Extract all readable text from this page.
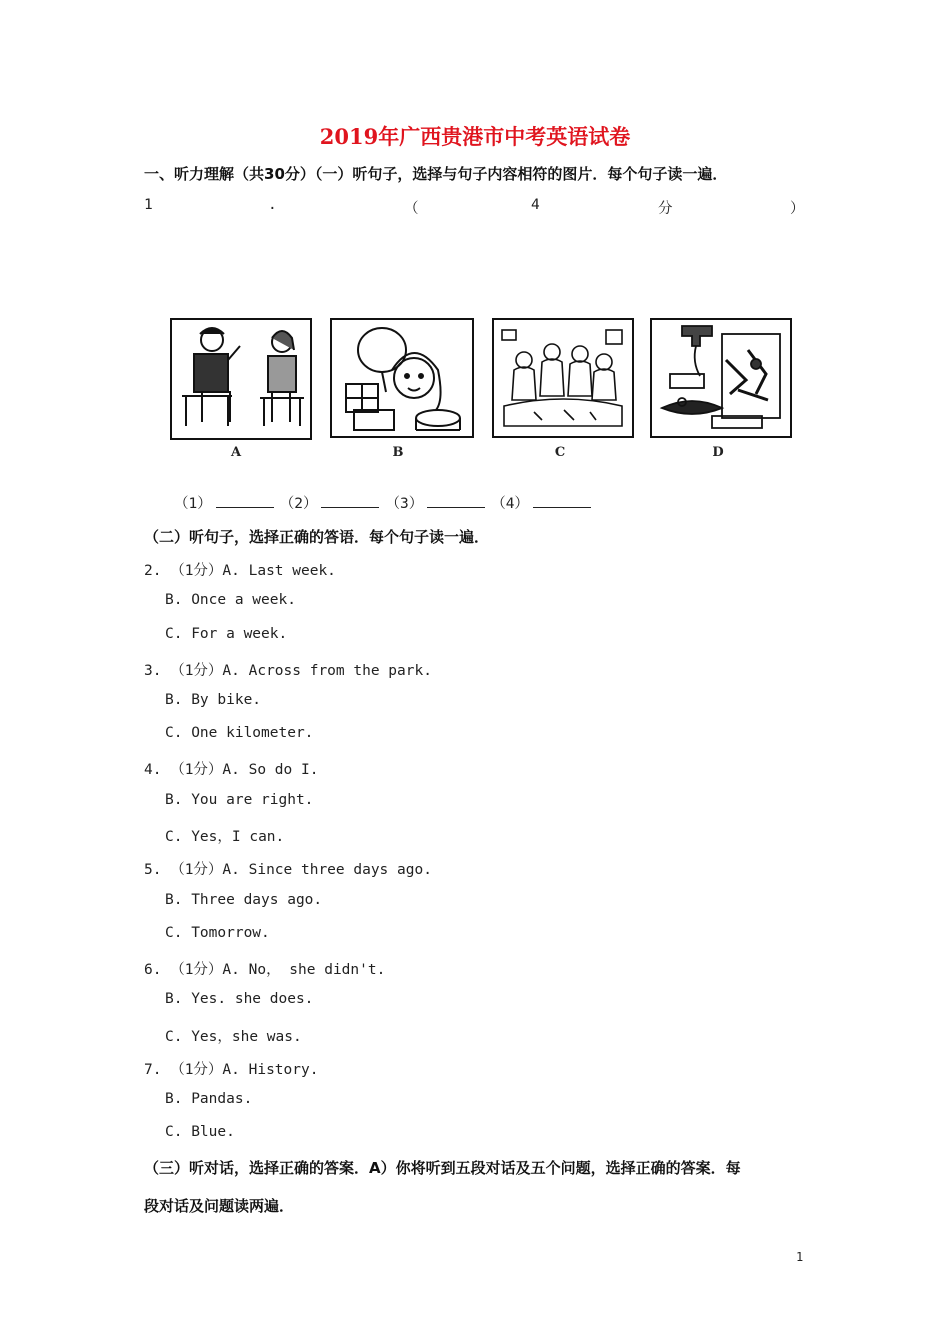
2019年广西贵港市中考英语试卷
一、听力理解（共30分）（一）听句子，选择与句子内容相符的图片．每个句子读一遍．
1	.	（	4	分	）
A	B	C	D
（1）	（2）	（3）	（4）
（二）听句子，选择正确的答语．每个句子读一遍．
2. （1分）A. Last week.
B. Once a week.
C. For a week.
3. （1分）A. Across from the park.
B. By bike.
C. One kilometer.
4. （1分）A. So do I.
B. You are right.
C. Yes，I can.
5. （1分）A. Since three days ago.
B. Three days ago.
C. Tomorrow.
6. （1分）A. No， she didn't.
B. Yes. she does.
C. Yes，she was.
7. （1分）A. History.
B. Pandas.
C. Blue.
（三）听对话，选择正确的答案．A）你将听到五段对话及五个问题，选择正确的答案．每
段对话及问题读两遍．
1
